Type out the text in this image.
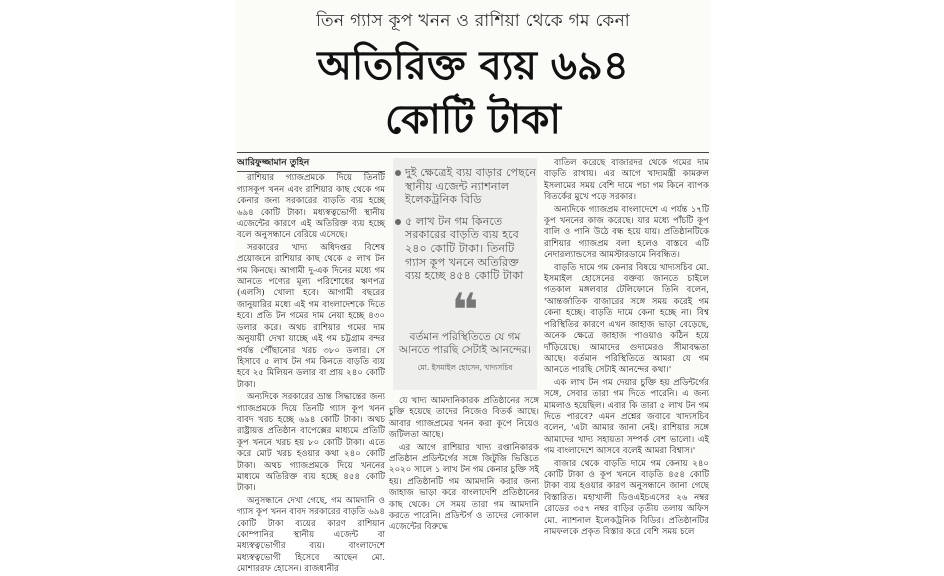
তিন গ্যাস কূপ খনন ও রাশিয়া থেকে গম কেনা
অতিরিক্ত ব্যয় ৬৯৪
কোটি টাকা

আরিফুজ্জামান তুহিন

রাশিয়ার গ্যাজপ্রমকে দিয়ে তিনটি গ্যাসকূপ খনন এবং রাশিয়ার কাছ থেকে গম কেনার জন্য সরকারের বাড়তি ব্যয় হচ্ছে ৬৯৪ কোটি টাকা। মধ্যস্বত্বভোগী স্থানীয় এজেন্টের কারণে এই অতিরিক্ত ব্যয় হচ্ছে বলে অনুসন্ধানে বেরিয়ে এসেছে।

সরকারের খাদ্য অধিদপ্তর বিশেষ প্রয়োজনে রাশিয়ার কাছ থেকে ৫ লাখ টন গম কিনছে। আগামী দু-এক দিনের মধ্যে গম আনতে পণ্যের মূল্য পরিশোধের ঋণপত্র (এলসি) খোলা হবে। আগামী বছরের জানুয়ারির মধ্যে এই গম বাংলাদেশকে দিতে হবে। প্রতি টন গমের দাম নেয়া হচ্ছে ৪৩০ ডলার করে। অথচ রাশিয়ার গমের দাম অনুযায়ী দেখা যাচ্ছে এই গম চট্টগ্রাম বন্দর পর্যন্ত পৌঁছানোর খরচ ৩৮০ ডলার। সে হিসাবে ৫ লাখ টন গম কিনতে বাড়তি ব্যয় হবে ২৫ মিলিয়ন ডলার বা প্রায় ২৪০ কোটি টাকা।

অন্যদিকে সরকারের ভ্রান্ত সিদ্ধান্তের জন্য গ্যাজপ্রমকে দিয়ে তিনটি গ্যাস কূপ খনন বাবদ খরচ হচ্ছে ৬৯৪ কোটি টাকা। অথচ রাষ্ট্রায়ত্ত প্রতিষ্ঠান বাপেক্সের মাধ্যমে প্রতিটি কূপ খননে খরচ হয় ৮০ কোটি টাকা। এতে করে মোট খরচ হওয়ার কথা ২৪০ কোটি টাকা। অথচ গ্যাজপ্রমকে দিয়ে খননের মাধ্যমে অতিরিক্ত ব্যয় হচ্ছে ৪৫৪ কোটি টাকা।

অনুসন্ধানে দেখা গেছে, গম আমদানি ও গ্যাস কূপ খনন বাবদ সরকারের বাড়তি ৬৯৪ কোটি টাকা ব্যয়ের কারণ রাশিয়ান কোম্পানির স্থানীয় এজেন্ট বা মধ্যস্বত্বভোগীর ব্যয়। বাংলাদেশে মধ্যস্বত্বভোগী হিসেবে আছেন মো. মোশাররফ হোসেন। রাজধানীর

দুই ক্ষেত্রেই ব্যয় বাড়ার পেছনে স্থানীয় এজেন্ট ন্যাশনাল ইলেকট্রনিক বিডি
৫ লাখ টন গম কিনতে সরকারের বাড়তি ব্যয় হবে ২৪০ কোটি টাকা। তিনটি গ্যাস কূপ খননে অতিরিক্ত ব্যয় হচ্ছে ৪৫৪ কোটি টাকা
❝
বর্তমান পরিস্থিতিতে যে গম আনতে পারছি সেটাই আনন্দের।
মো. ইসমাইল হোসেন, খাদ্যসচিব

যে খাদ্য আমদানিকারক প্রতিষ্ঠানের সঙ্গে চুক্তি হয়েছে তাদের নিজেও বিতর্ক আছে। আবার গ্যাজপ্রমের খনন করা কূপে নিয়েও জটিলতা আছে।

এর আগে রাশিয়ার খাদ্য রপ্তানিকারক প্রতিষ্ঠান প্রডিন্টর্গের সঙ্গে জিটুজি ভিত্তিতে ২০২০ সালে ১ লাখ টন গম কেনার চুক্তি সই হয়। প্রতিষ্ঠানটি গম আমদানি করার জন্য জাহাজ ভাড়া করে বাংলাদেশি প্রতিষ্ঠানের কাছ থেকে। সে সময় তারা গম আমদানি করতে পারেনি। প্রডিন্টর্গ ও তাদের লোকাল এজেন্টের বিরুদ্ধে

বাতিল করেছে বাজারদর থেকে গমের দাম বাড়তি রাখায়। এর আগে খাদ্যমন্ত্রী কামরুল ইসলামের সময় বেশি দামে পচা গম কিনে ব্যাপক বিতর্কের মুখে পড়ে সরকার।

অন্যদিকে গ্যাজপ্রম বাংলাদেশে এ পর্যন্ত ১৭টি কূপ খননের কাজ করেছে। যার মধ্যে পাঁচটি কূপ বালি ও পানি উঠে বন্ধ হয়ে যায়। প্রতিষ্ঠানটিকে রাশিয়ার গ্যাজপ্রম বলা হলেও বাস্তবে এটি নেদারল্যান্ডসের আমস্টারডামে নিবন্ধিত।

বাড়তি দামে গম কেনার বিষয়ে খাদ্যসচিব মো. ইসমাইল হোসেনের বক্তব্য জানতে চাইলে গতকাল মঙ্গলবার টেলিফোনে তিনি বলেন, 'আন্তর্জাতিক বাজারের সঙ্গে সময় করেই গম কেনা হচ্ছে। বাড়তি দামে কেনা হচ্ছে না। বিশ্ব পরিস্থিতির কারণে এখন জাহাজ ভাড়া বেড়েছে, অনেক ক্ষেত্রে জাহাজ পাওয়াও কঠিন হয়ে দাঁড়িয়েছে। আমাদের গুদামেরও সীমাবদ্ধতা আছে। বর্তমান পরিস্থিতিতে আমরা যে গম আনতে পারছি সেটাই আনন্দের কথা।'

এক লাখ টন গম দেয়ার চুক্তি হয় প্রডিন্টর্গের সঙ্গে, সেবার তারা গম দিতে পারেনি। এ জন্য মামলাও হয়েছিল। এবার কি তারা ৫ লাখ টন গম দিতে পারবে? এমন প্রশ্নের জবাবে খাদ্যসচিব বলেন, 'এটা আমার জানা নেই। রাশিয়ার সঙ্গে আমাদের খাদ্য সহায়তা সম্পর্ক বেশ ভালো। এই গম বাংলাদেশে আসবে বলেই আমরা বিশ্বাস।'

বাজার থেকে বাড়তি দামে গম কেনায় ২৪০ কোটি টাকা ও কূপ খননে বাড়তি ৪৫৪ কোটি টাকা ব্যয় হওয়ার কারণ অনুসন্ধানে জানা গেছে বিস্তারিত। মহাখালী ডিওএইচএসের ২৬ নম্বর রোডের ৩৫৭ নম্বর বাড়ির তৃতীয় তলায় অফিস মো. ন্যাশনাল ইলেকট্রনিক বিডির। প্রতিষ্ঠানটির নামফলকে প্রকৃত বিস্তার করে বেশি সময় চলে
